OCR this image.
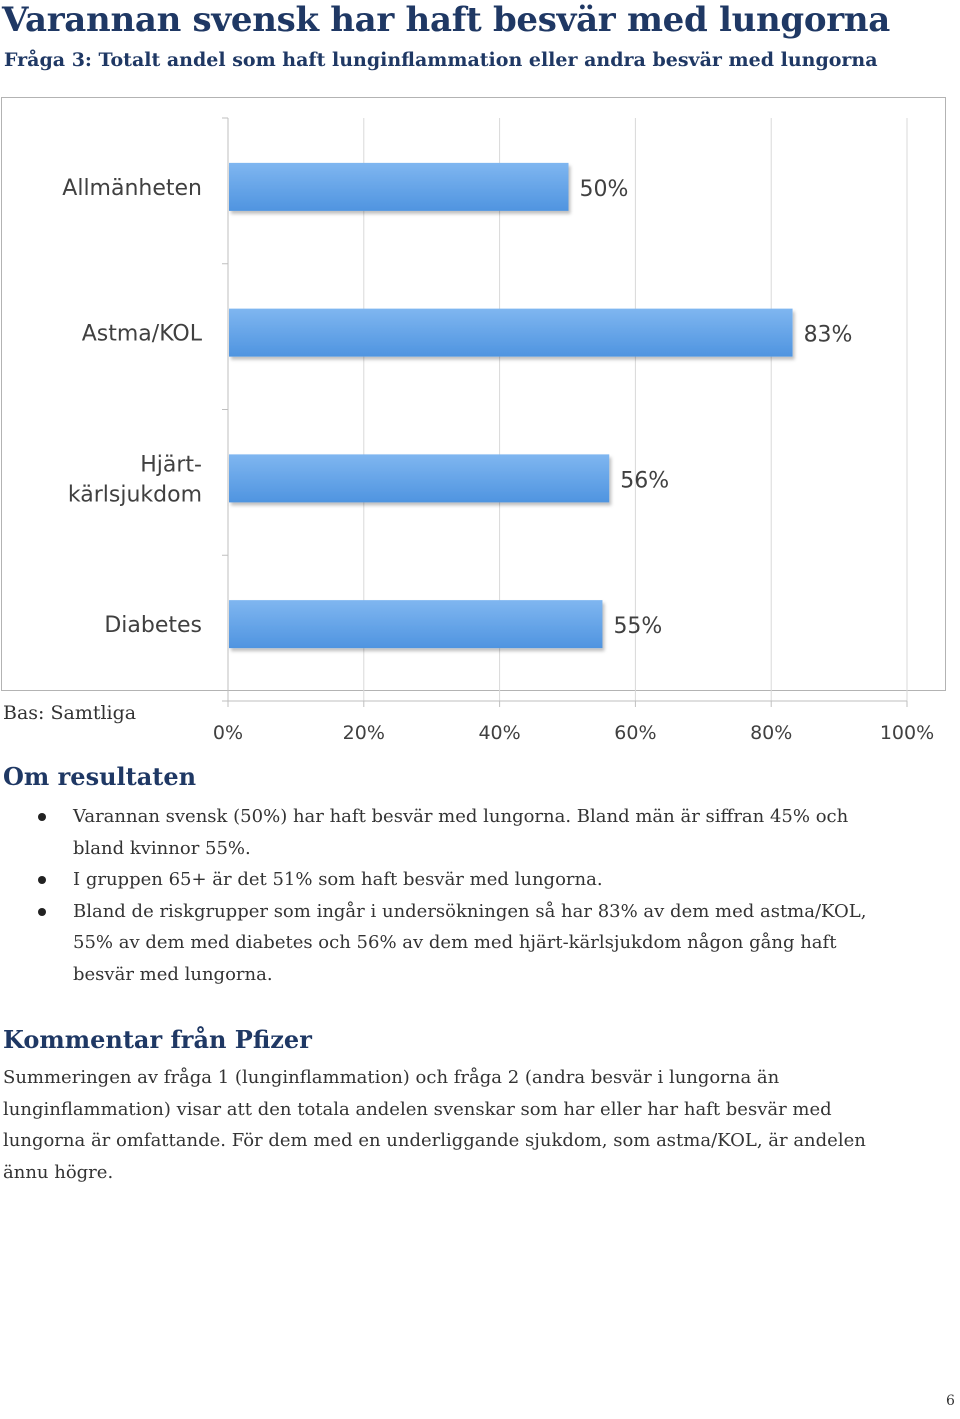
Varannan svensk har haft besvär med lungorna

Fråga 3: Totalt andel som haft lunginflammation eller andra besvär med lungorna

0%	20%	40%	60%	80%	100%
50%
Allmänheten
83%
Astma/KOL
56%
Hjärt-
kärlsjukdom
55%
Diabetes

Bas: Samtliga

Om resultaten
Varannan svensk (50%) har haft besvär med lungorna. Bland män är siffran 45% och
bland kvinnor 55%.
I gruppen 65+ är det 51% som haft besvär med lungorna.
Bland de riskgrupper som ingår i undersökningen så har 83% av dem med astma/KOL,
55% av dem med diabetes och 56% av dem med hjärt-kärlsjukdom någon gång haft
besvär med lungorna.
Kommentar från Pfizer

Summeringen av fråga 1 (lunginflammation) och fråga 2 (andra besvär i lungorna än
lunginflammation) visar att den totala andelen svenskar som har eller har haft besvär med
lungorna är omfattande. För dem med en underliggande sjukdom, som astma/KOL, är andelen
ännu högre.

6
